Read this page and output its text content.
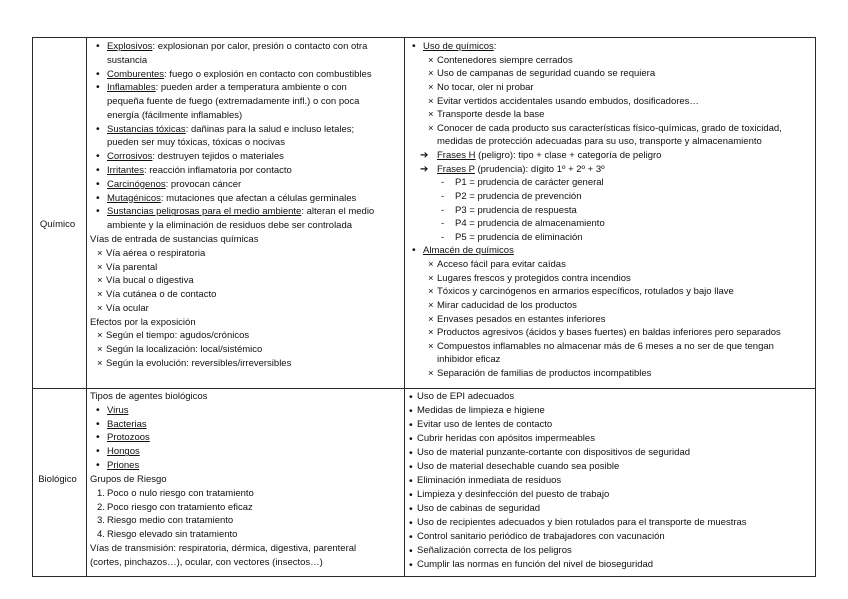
Químico
•
Explosivos: explosionan por calor, presión o contacto con otra
sustancia
•
Comburentes: fuego o explosión en contacto con combustibles
•
Inflamables: pueden arder a temperatura ambiente o con
pequeña fuente de fuego (extremadamente infl.) o con poca
energía (fácilmente inflamables)
•
Sustancias tóxicas: dañinas para la salud e incluso letales;
pueden ser muy tóxicas, tóxicas o nocivas
•
Corrosivos: destruyen tejidos o materiales
•
Irritantes: reacción inflamatoria por contacto
•
Carcinógenos: provocan cáncer
•
Mutagénicos: mutaciones que afectan a células germinales
•
Sustancias peligrosas para el medio ambiente: alteran el medio
ambiente y la eliminación de residuos debe ser controlada
Vías de entrada de sustancias químicas
×
Vía aérea o respiratoria
×
Vía parental
×
Vía bucal o digestiva
×
Vía cutánea o de contacto
×
Vía ocular
Efectos por la exposición
×
Según el tiempo: agudos/crónicos
×
Según la localización: local/sistémico
×
Según la evolución: reversibles/irreversibles
•
Uso de químicos:
×
Contenedores siempre cerrados
×
Uso de campanas de seguridad cuando se requiera
×
No tocar, oler ni probar
×
Evitar vertidos accidentales usando embudos, dosificadores…
×
Transporte desde la base
×
Conocer de cada producto sus características físico-químicas, grado de toxicidad,
medidas de protección adecuadas para su uso, transporte y almacenamiento
➔
Frases H (peligro): tipo + clase + categoría de peligro
➔
Frases P (prudencia): dígito 1º + 2º + 3º
-
P1 = prudencia de carácter general
-
P2 = prudencia de prevención
-
P3 = prudencia de respuesta
-
P4 = prudencia de almacenamiento
-
P5 = prudencia de eliminación
•
Almacén de químicos
×
Acceso fácil para evitar caídas
×
Lugares frescos y protegidos contra incendios
×
Tóxicos y carcinógenos en armarios específicos, rotulados y bajo llave
×
Mirar caducidad de los productos
×
Envases pesados en estantes inferiores
×
Productos agresivos (ácidos y bases fuertes) en baldas inferiores pero separados
×
Compuestos inflamables no almacenar más de 6 meses a no ser de que tengan
inhibidor eficaz
×
Separación de familias de productos incompatibles
Biológico
Tipos de agentes biológicos
•
Virus
•
Bacterias
•
Protozoos
•
Hongos
•
Priones
Grupos de Riesgo
1. Poco o nulo riesgo con tratamiento
2. Poco riesgo con tratamiento eficaz
3. Riesgo medio con tratamiento
4. Riesgo elevado sin tratamiento
Vías de transmisión: respiratoria, dérmica, digestiva, parenteral
(cortes, pinchazos…), ocular, con vectores (insectos…)
•
Uso de EPI adecuados
•
Medidas de limpieza e higiene
•
Evitar uso de lentes de contacto
•
Cubrir heridas con apósitos impermeables
•
Uso de material punzante-cortante con dispositivos de seguridad
•
Uso de material desechable cuando sea posible
•
Eliminación inmediata de residuos
•
Limpieza y desinfección del puesto de trabajo
•
Uso de cabinas de seguridad
•
Uso de recipientes adecuados y bien rotulados para el transporte de muestras
•
Control sanitario periódico de trabajadores con vacunación
•
Señalización correcta de los peligros
•
Cumplir las normas en función del nivel de bioseguridad
